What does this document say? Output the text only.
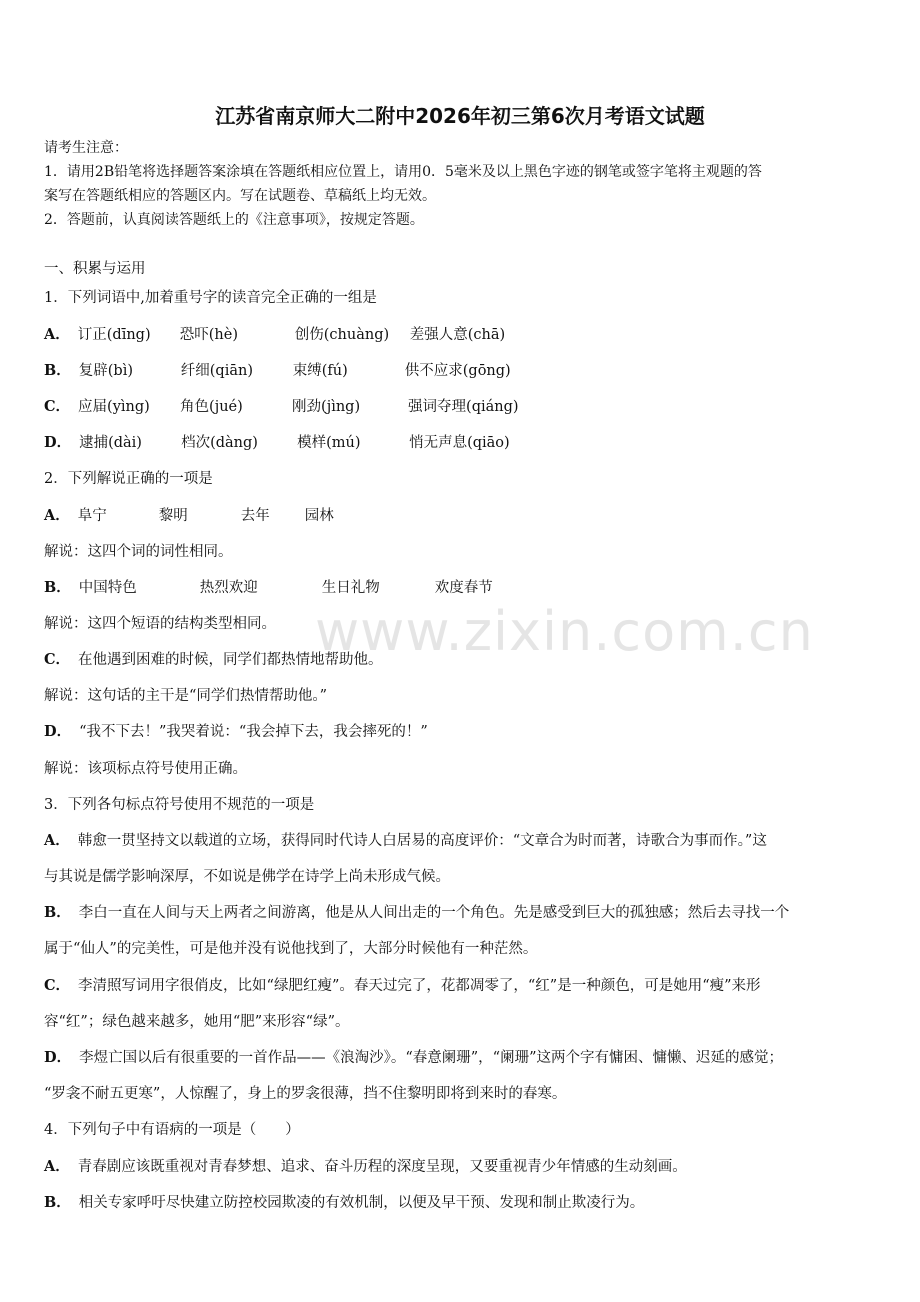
江苏省南京师大二附中2026年初三第6次月考语文试题
请考生注意：
1．请用2B铅笔将选择题答案涂填在答题纸相应位置上，请用0．5毫米及以上黑色字迹的钢笔或签字笔将主观题的答
案写在答题纸相应的答题区内。写在试题卷、草稿纸上均无效。
2．答题前，认真阅读答题纸上的《注意事项》，按规定答题。
一、积累与运用
1．下列词语中,加着重号字的读音完全正确的一组是
A． 订正(dīng) 恐吓(hè)	创伤(chuàng) 差强人意(chā)
B． 复辟(bì)	纤细(qiān)	束缚(fú)	供不应求(gōng)
C． 应届(yìng) 角色(jué)	刚劲(jìng)	强词夺理(qiáng)
D． 逮捕(dài)	档次(dàng)	模样(mú)	悄无声息(qiāo)
2．下列解说正确的一项是
A． 阜宁	黎明	去年 园林
解说：这四个词的词性相同。
B． 中国特色	热烈欢迎	生日礼物	欢度春节
解说：这四个短语的结构类型相同。
C． 在他遇到困难的时候，同学们都热情地帮助他。
解说：这句话的主干是“同学们热情帮助他。”
D． “我不下去！”我哭着说：“我会掉下去，我会摔死的！”
解说：该项标点符号使用正确。
3．下列各句标点符号使用不规范的一项是
A． 韩愈一贯坚持文以载道的立场，获得同时代诗人白居易的高度评价：“文章合为时而著，诗歌合为事而作。”这
与其说是儒学影响深厚，不如说是佛学在诗学上尚未形成气候。
B． 李白一直在人间与天上两者之间游离，他是从人间出走的一个角色。先是感受到巨大的孤独感；然后去寻找一个
属于“仙人”的完美性，可是他并没有说他找到了，大部分时候他有一种茫然。
C． 李清照写词用字很俏皮，比如“绿肥红瘦”。春天过完了，花都凋零了，“红”是一种颜色，可是她用“瘦”来形
容“红”；绿色越来越多，她用“肥”来形容“绿”。
D． 李煜亡国以后有很重要的一首作品——《浪淘沙》。“春意阑珊”，“阑珊”这两个字有慵困、慵懒、迟延的感觉；
“罗衾不耐五更寒”，人惊醒了，身上的罗衾很薄，挡不住黎明即将到来时的春寒。
4．下列句子中有语病的一项是（　　）
A． 青春剧应该既重视对青春梦想、追求、奋斗历程的深度呈现，又要重视青少年情感的生动刻画。
B． 相关专家呼吁尽快建立防控校园欺凌的有效机制，以便及早干预、发现和制止欺凌行为。
www.zixin.com.cn
